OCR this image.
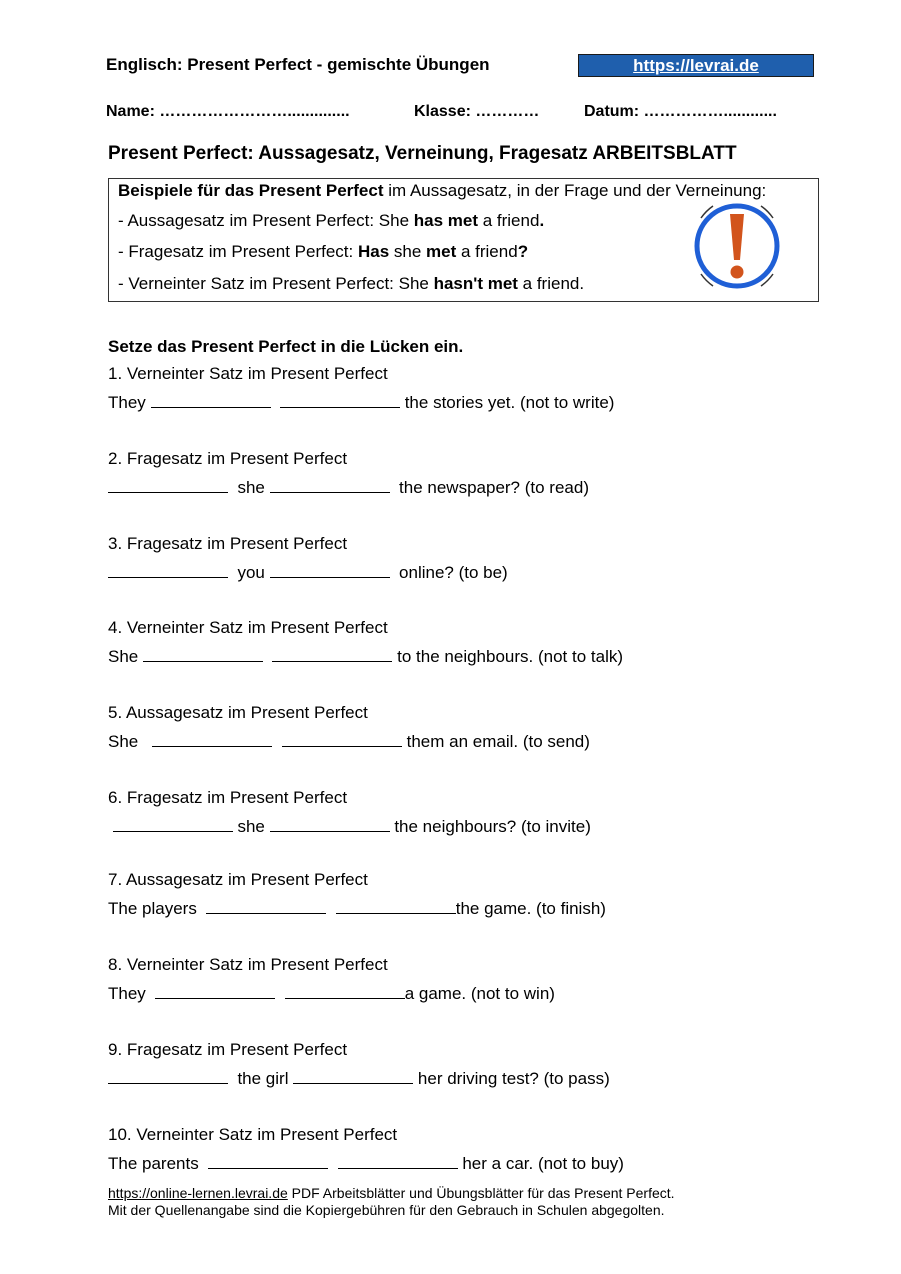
Englisch: Present Perfect - gemischte Übungen	https://levrai.de
Name: ……………………..............	Klasse: …………	Datum: ……………............
Present Perfect: Aussagesatz, Verneinung, Fragesatz ARBEITSBLATT
Beispiele für das Present Perfect im Aussagesatz, in der Frage und der Verneinung:
- Aussagesatz im Present Perfect: She has met a friend.
- Fragesatz im Present Perfect: Has she met a friend?
- Verneinter Satz im Present Perfect: She hasn't met a friend.
Setze das Present Perfect in die Lücken ein.
1. Verneinter Satz im Present Perfect
They	the stories yet. (not to write)
2. Fragesatz im Present Perfect
she	the newspaper? (to read)
3. Fragesatz im Present Perfect
you	online? (to be)
4. Verneinter Satz im Present Perfect
She	to the neighbours. (not to talk)
5. Aussagesatz im Present Perfect
She	them an email. (to send)
6. Fragesatz im Present Perfect
she	the neighbours? (to invite)
7. Aussagesatz im Present Perfect
The players	the game. (to finish)
8. Verneinter Satz im Present Perfect
They	a game. (not to win)
9. Fragesatz im Present Perfect
the girl	her driving test? (to pass)
10. Verneinter Satz im Present Perfect
The parents	her a car. (not to buy)
https://online-lernen.levrai.de PDF Arbeitsblätter und Übungsblätter für das Present Perfect.
Mit der Quellenangabe sind die Kopiergebühren für den Gebrauch in Schulen abgegolten.
